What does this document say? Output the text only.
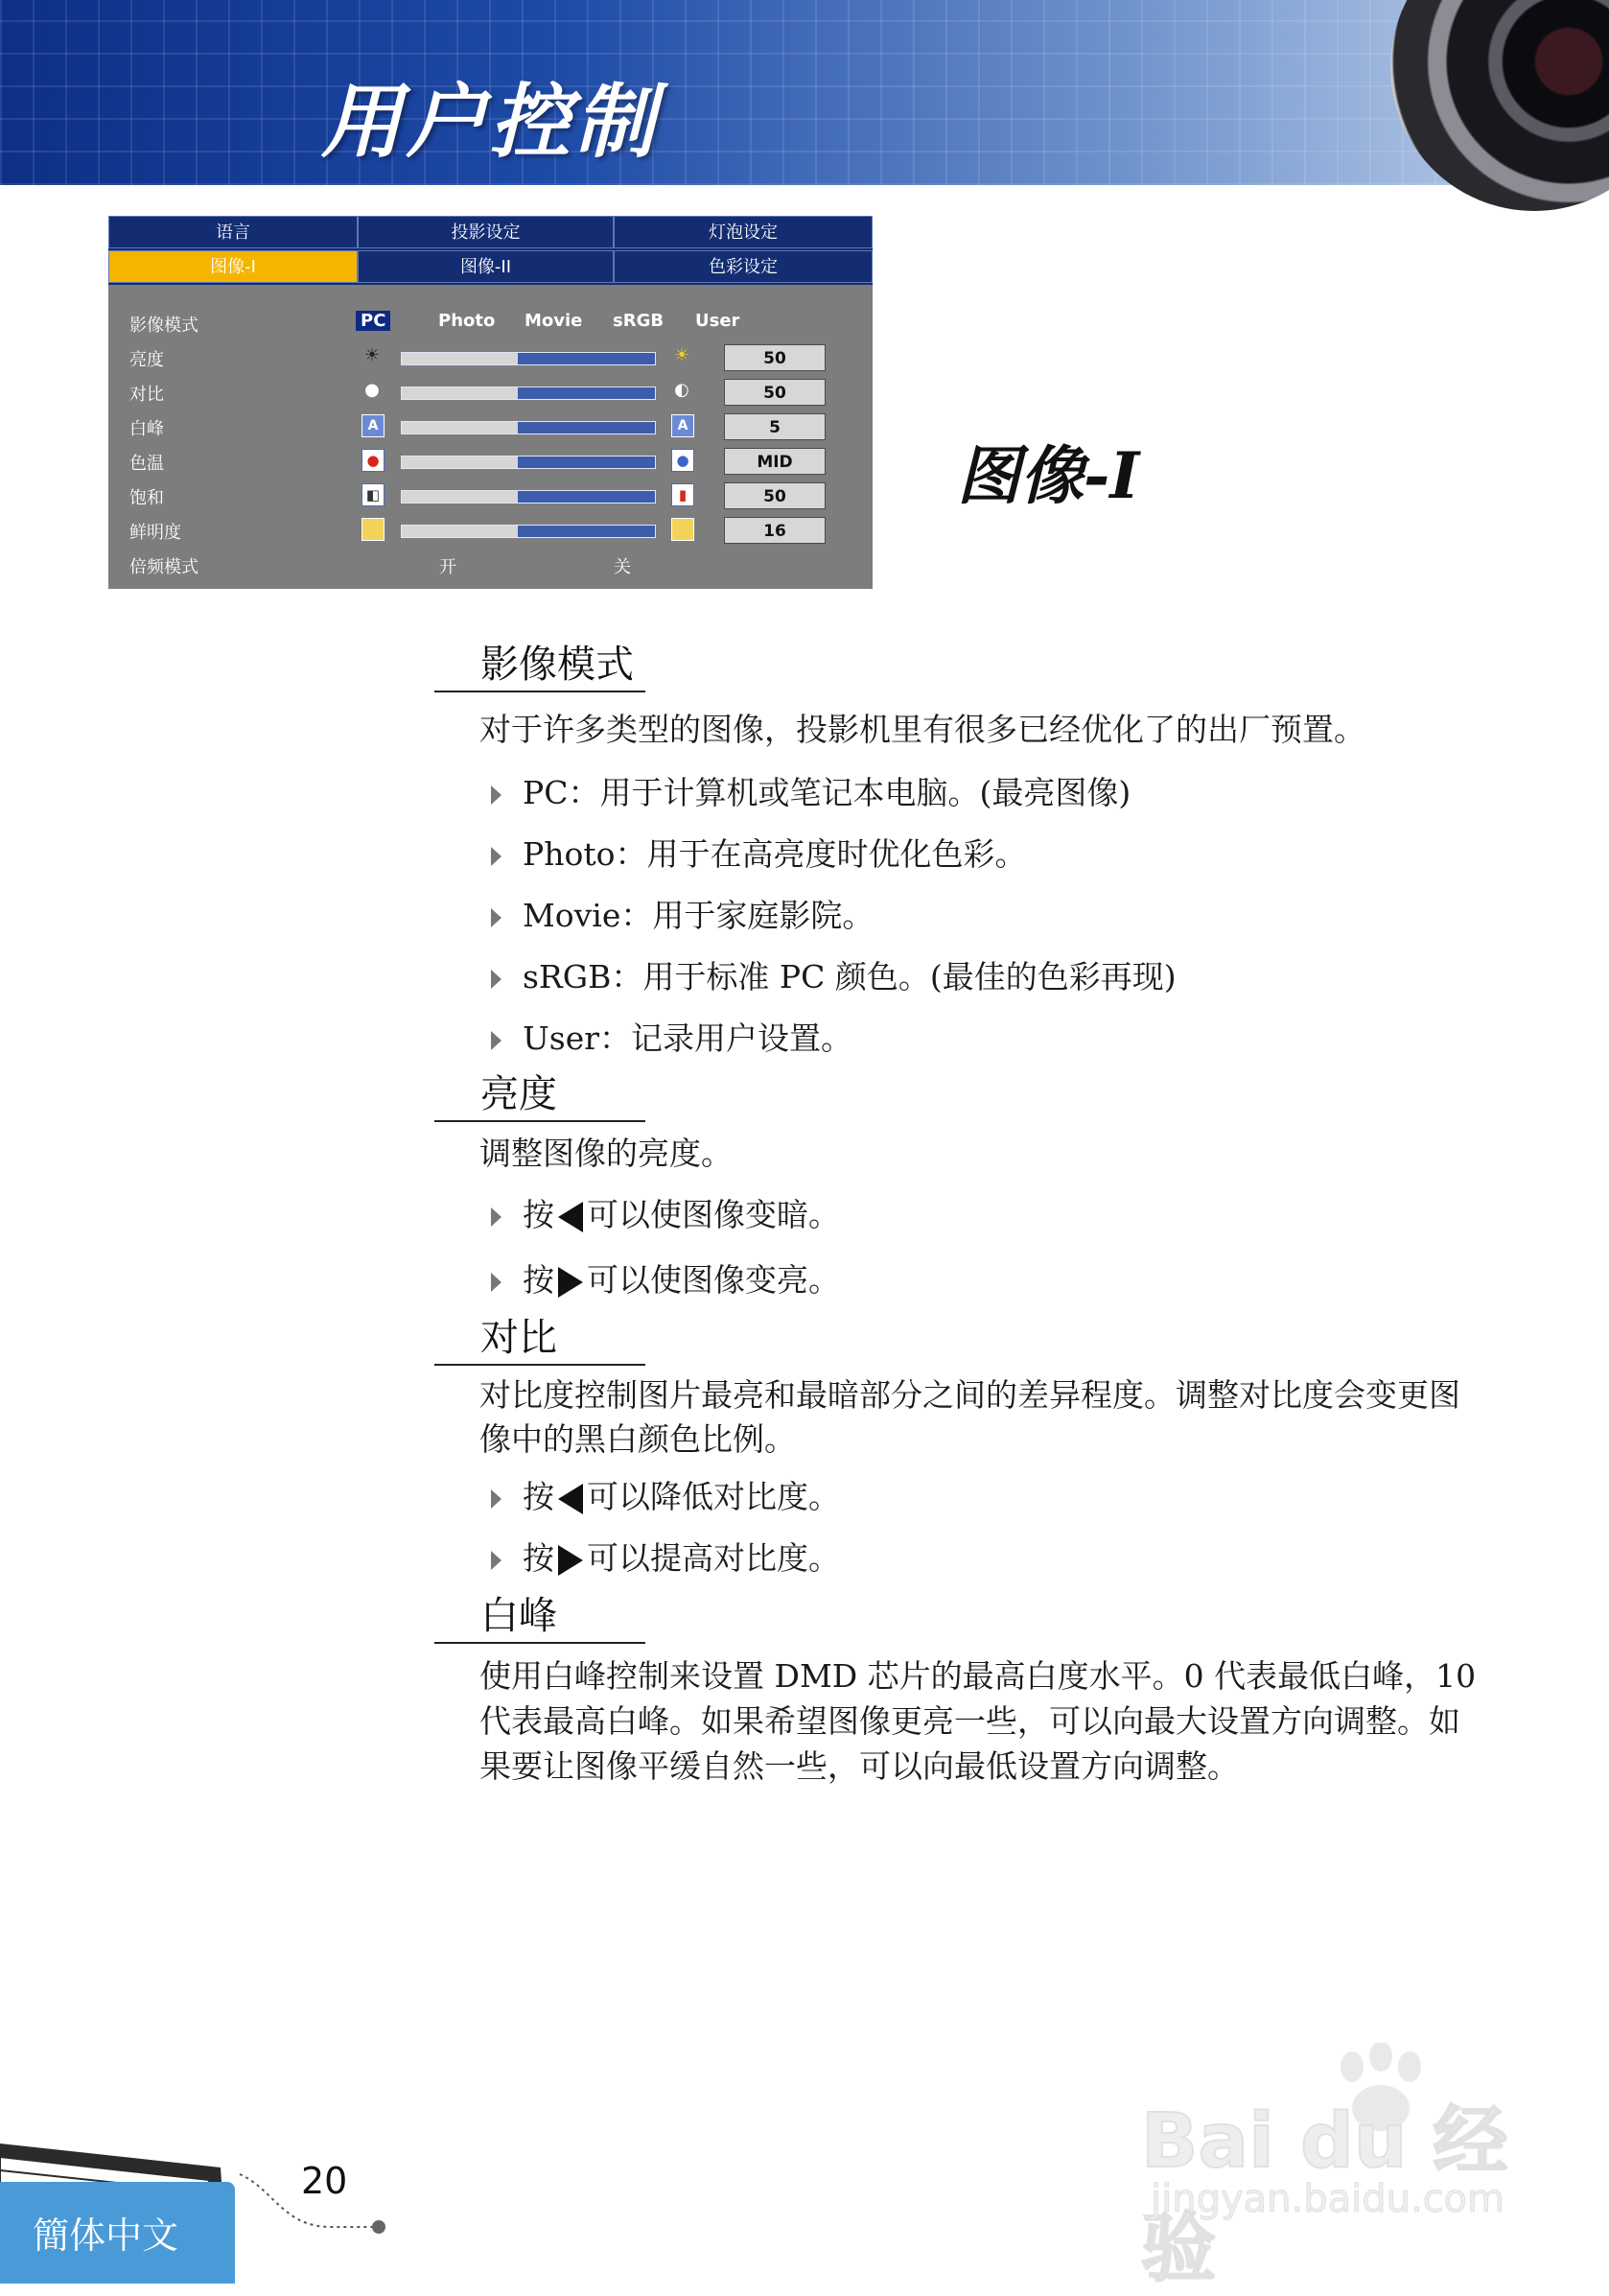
用户控制
语言	投影设定	灯泡设定
图像-I	图像-II	色彩设定
影像模式	PC	Photo Movie sRGB User
亮度	☀	☀	50
对比	●	◐	50
白峰	A	A	5
色温	●	●	MID
饱和	◧	▮	50
鲜明度	■	■	16
倍频模式	开	关
图像-I
影像模式
对于许多类型的图像，投影机里有很多已经优化了的出厂预置。
PC：用于计算机或笔记本电脑。(最亮图像)
Photo：用于在高亮度时优化色彩。
Movie：用于家庭影院。
sRGB：用于标准 PC 颜色。(最佳的色彩再现)
User：记录用户设置。
亮度
调整图像的亮度。
按 可以使图像变暗。
按 可以使图像变亮。
对比
对比度控制图片最亮和最暗部分之间的差异程度。调整对比度会变更图像中的黑白颜色比例。
按 可以降低对比度。
按 可以提高对比度。
白峰
使用白峰控制来设置 DMD 芯片的最高白度水平。0 代表最低白峰，10 代表最高白峰。如果希望图像更亮一些，可以向最大设置方向调整。如果要让图像平缓自然一些，可以向最低设置方向调整。
簡体中文
20	Bai du 经验
jingyan.baidu.com
